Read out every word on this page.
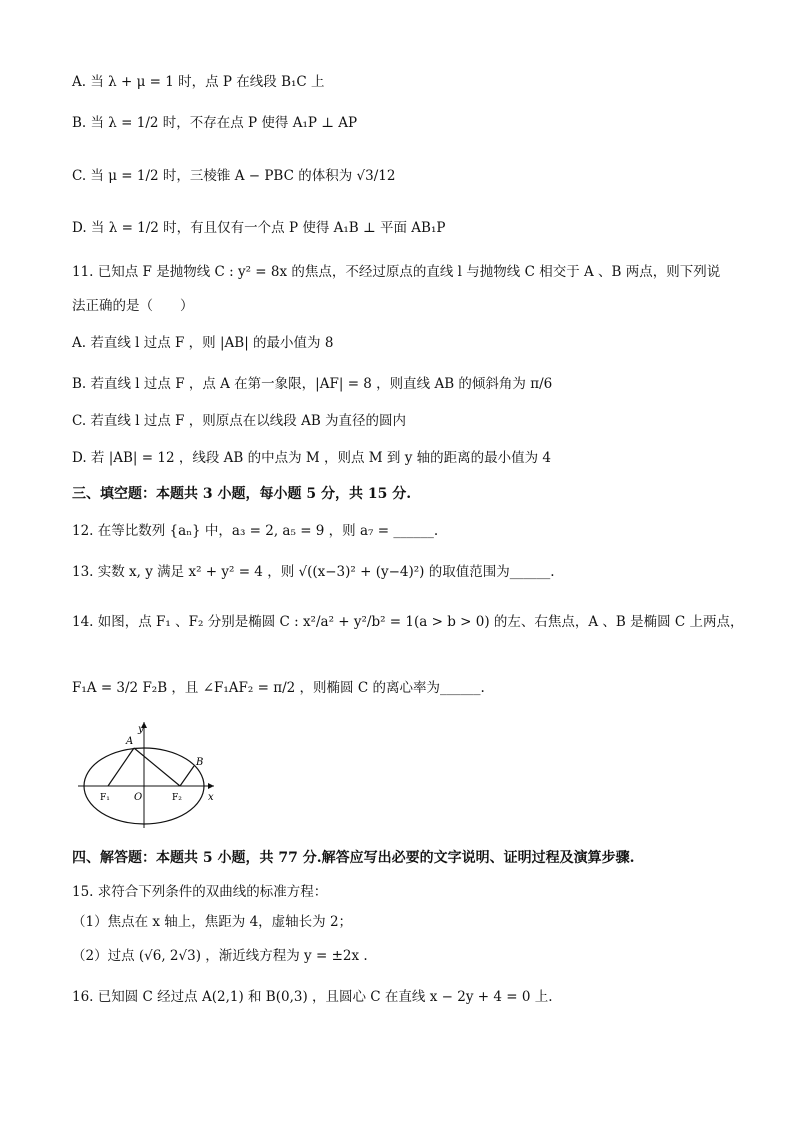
A. 当 λ + μ = 1 时，点 P 在线段 B₁C 上
B. 当 λ = 1/2 时，不存在点 P 使得 A₁P ⊥ AP
C. 当 μ = 1/2 时，三棱锥 A − PBC 的体积为 √3/12
D. 当 λ = 1/2 时，有且仅有一个点 P 使得 A₁B ⊥ 平面 AB₁P
11. 已知点 F 是抛物线 C : y² = 8x 的焦点，不经过原点的直线 l 与抛物线 C 相交于 A 、B 两点，则下列说
法正确的是（　　）
A. 若直线 l 过点 F ，则 |AB| 的最小值为 8
B. 若直线 l 过点 F ，点 A 在第一象限，|AF| = 8 ，则直线 AB 的倾斜角为 π/6
C. 若直线 l 过点 F ，则原点在以线段 AB 为直径的圆内
D. 若 |AB| = 12 ，线段 AB 的中点为 M ，则点 M 到 y 轴的距离的最小值为 4
三、填空题：本题共 3 小题，每小题 5 分，共 15 分.
12. 在等比数列 {aₙ} 中，a₃ = 2, a₅ = 9 ，则 a₇ = ______.
13. 实数 x, y 满足 x² + y² = 4 ，则 √((x−3)² + (y−4)²) 的取值范围为______.
14. 如图，点 F₁ 、F₂ 分别是椭圆 C : x²/a² + y²/b² = 1(a > b > 0) 的左、右焦点，A 、B 是椭圆 C 上两点，
F₁A = 3/2 F₂B ，且 ∠F₁AF₂ = π/2 ，则椭圆 C 的离心率为______.
y
A
B
O
F₁	F₂	x
四、解答题：本题共 5 小题，共 77 分.解答应写出必要的文字说明、证明过程及演算步骤.
15. 求符合下列条件的双曲线的标准方程：
（1）焦点在 x 轴上，焦距为 4，虚轴长为 2；
（2）过点 (√6, 2√3) ，渐近线方程为 y = ±2x .
16. 已知圆 C 经过点 A(2,1) 和 B(0,3) ，且圆心 C 在直线 x − 2y + 4 = 0 上.
